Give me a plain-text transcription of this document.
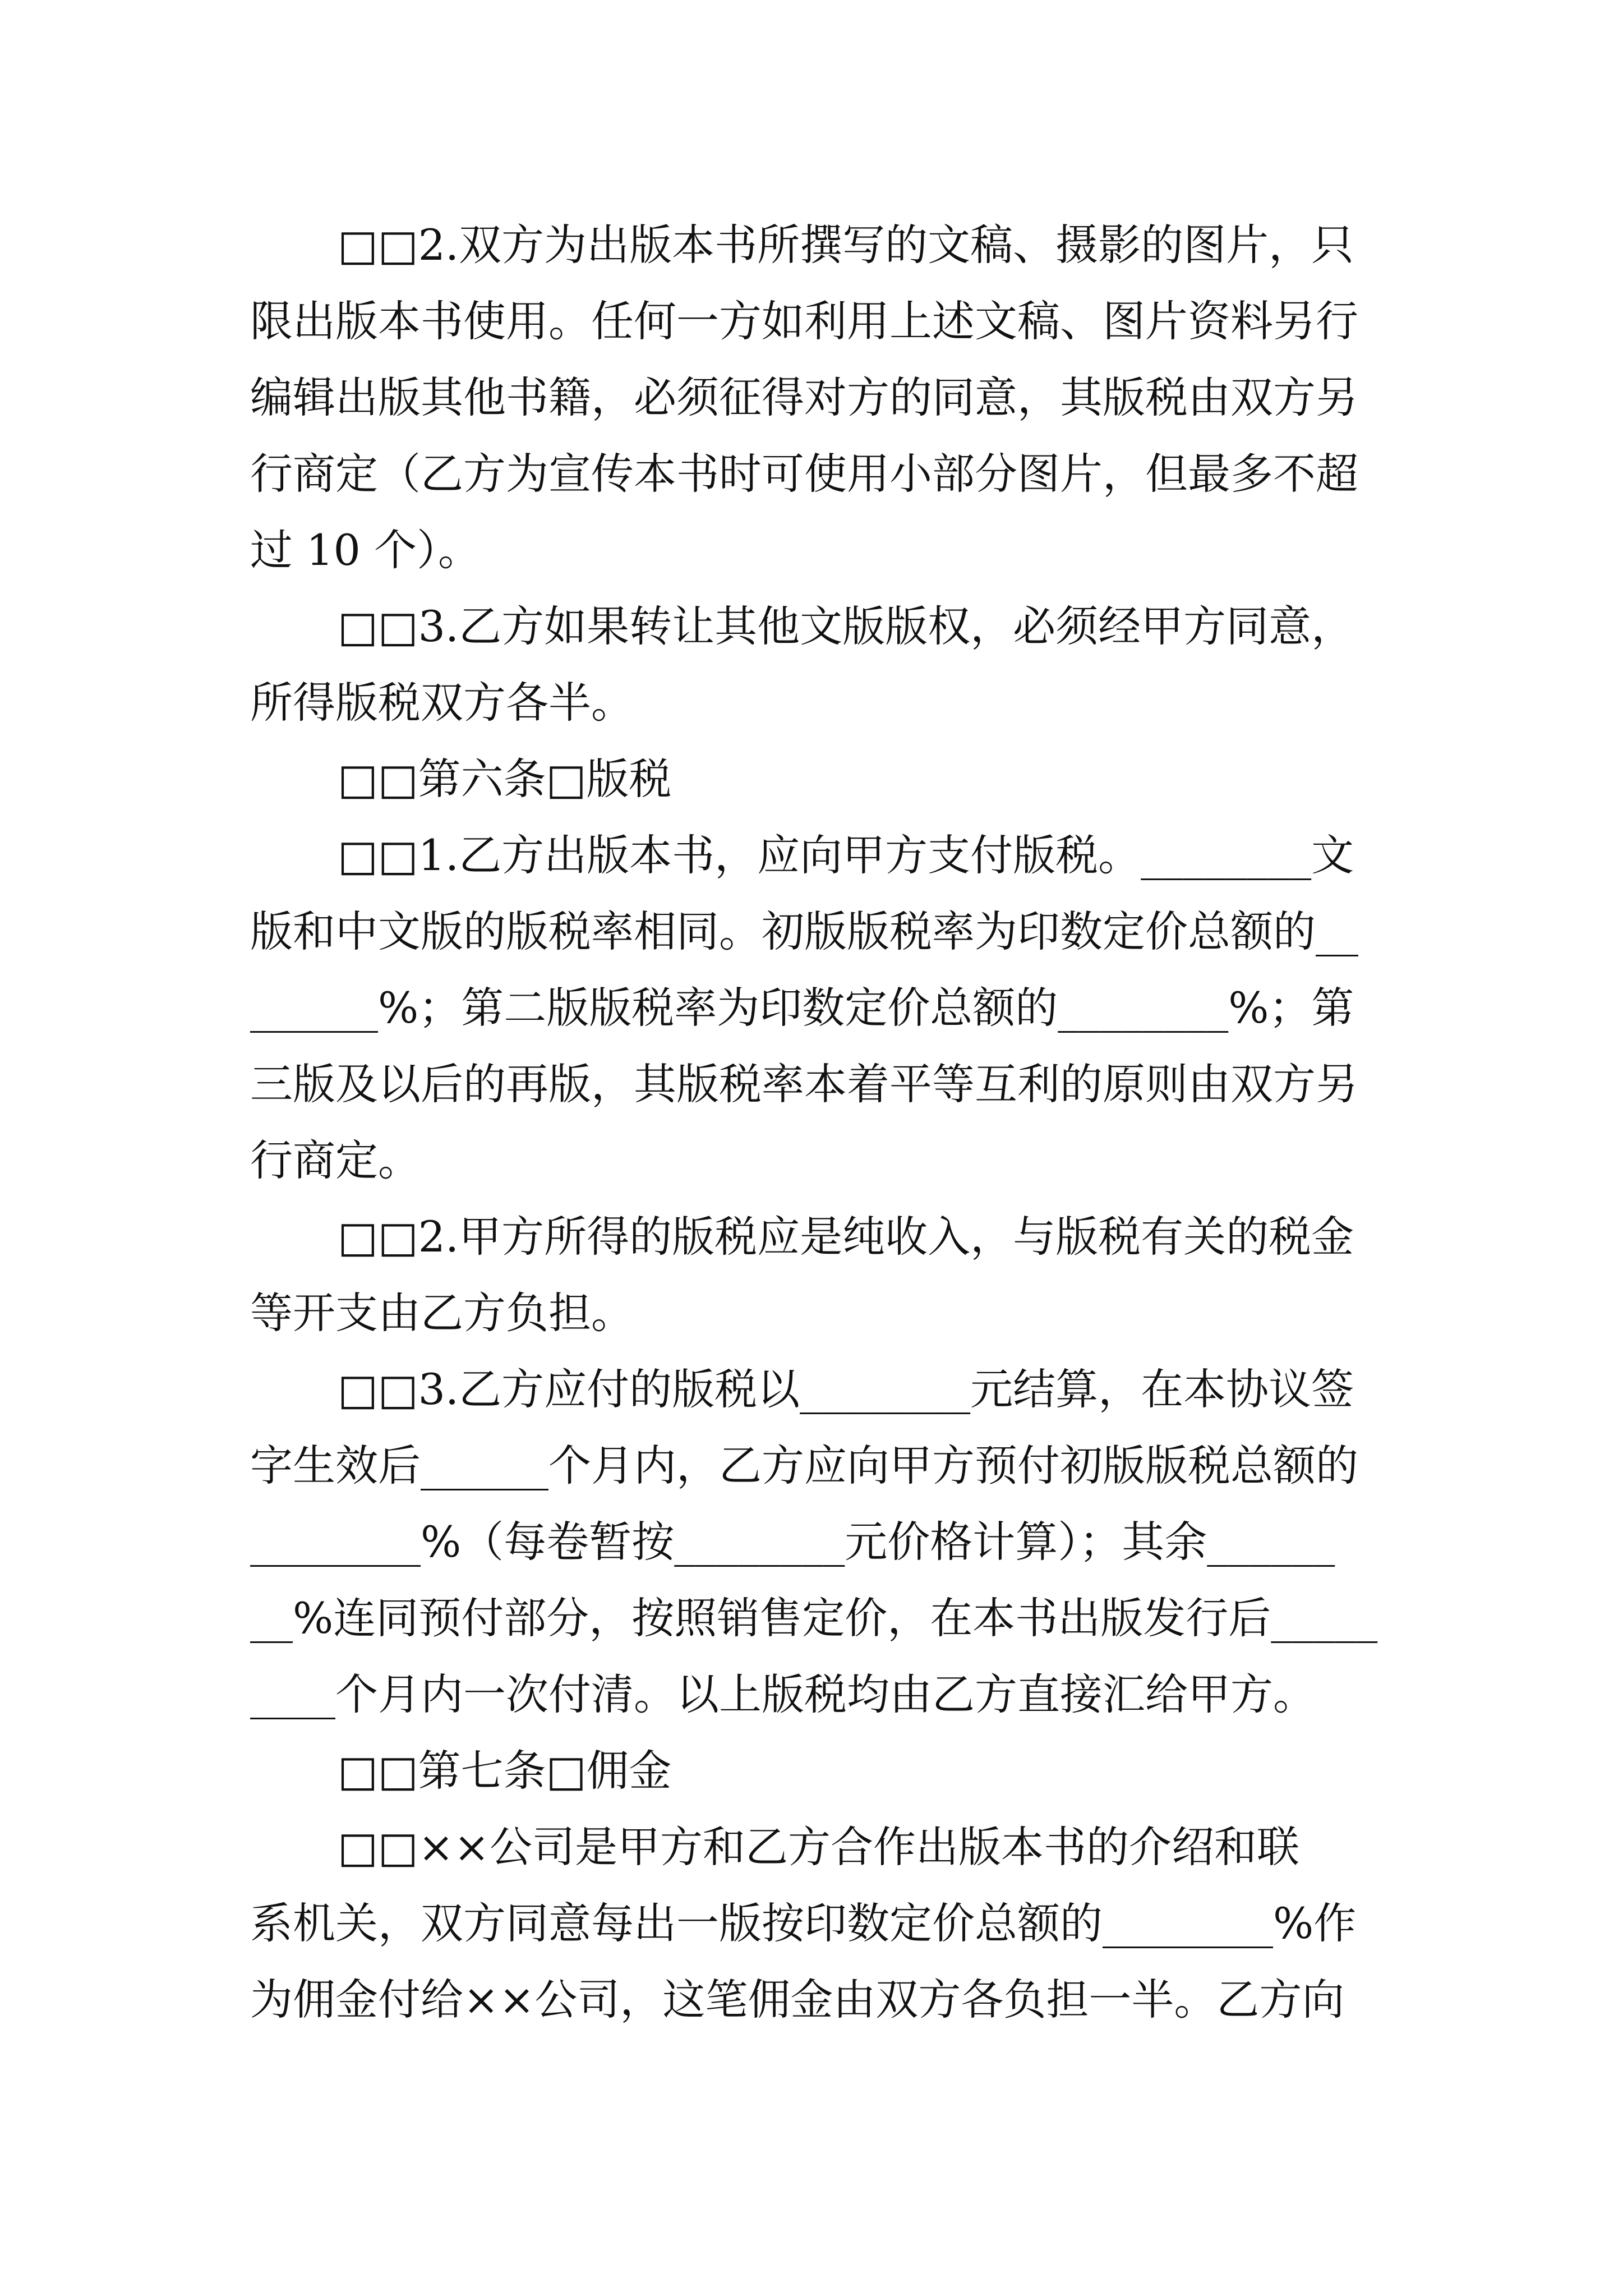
□□2.双方为出版本书所撰写的文稿、摄影的图片，只
限出版本书使用。任何一方如利用上述文稿、图片资料另行
编辑出版其他书籍，必须征得对方的同意，其版税由双方另
行商定（乙方为宣传本书时可使用小部分图片，但最多不超
过 10 个）。
□□3.乙方如果转让其他文版版权，必须经甲方同意，
所得版税双方各半。
□□第六条□版税
□□1.乙方出版本书，应向甲方支付版税。________文
版和中文版的版税率相同。初版版税率为印数定价总额的__
______%；第二版版税率为印数定价总额的________%；第
三版及以后的再版，其版税率本着平等互利的原则由双方另
行商定。
□□2.甲方所得的版税应是纯收入，与版税有关的税金
等开支由乙方负担。
□□3.乙方应付的版税以________元结算，在本协议签
字生效后______个月内，乙方应向甲方预付初版版税总额的
________%（每卷暂按________元价格计算）；其余______
__%连同预付部分，按照销售定价，在本书出版发行后_____
____个月内一次付清。以上版税均由乙方直接汇给甲方。
□□第七条□佣金
□□××公司是甲方和乙方合作出版本书的介绍和联
系机关，双方同意每出一版按印数定价总额的________%作
为佣金付给××公司，这笔佣金由双方各负担一半。乙方向
